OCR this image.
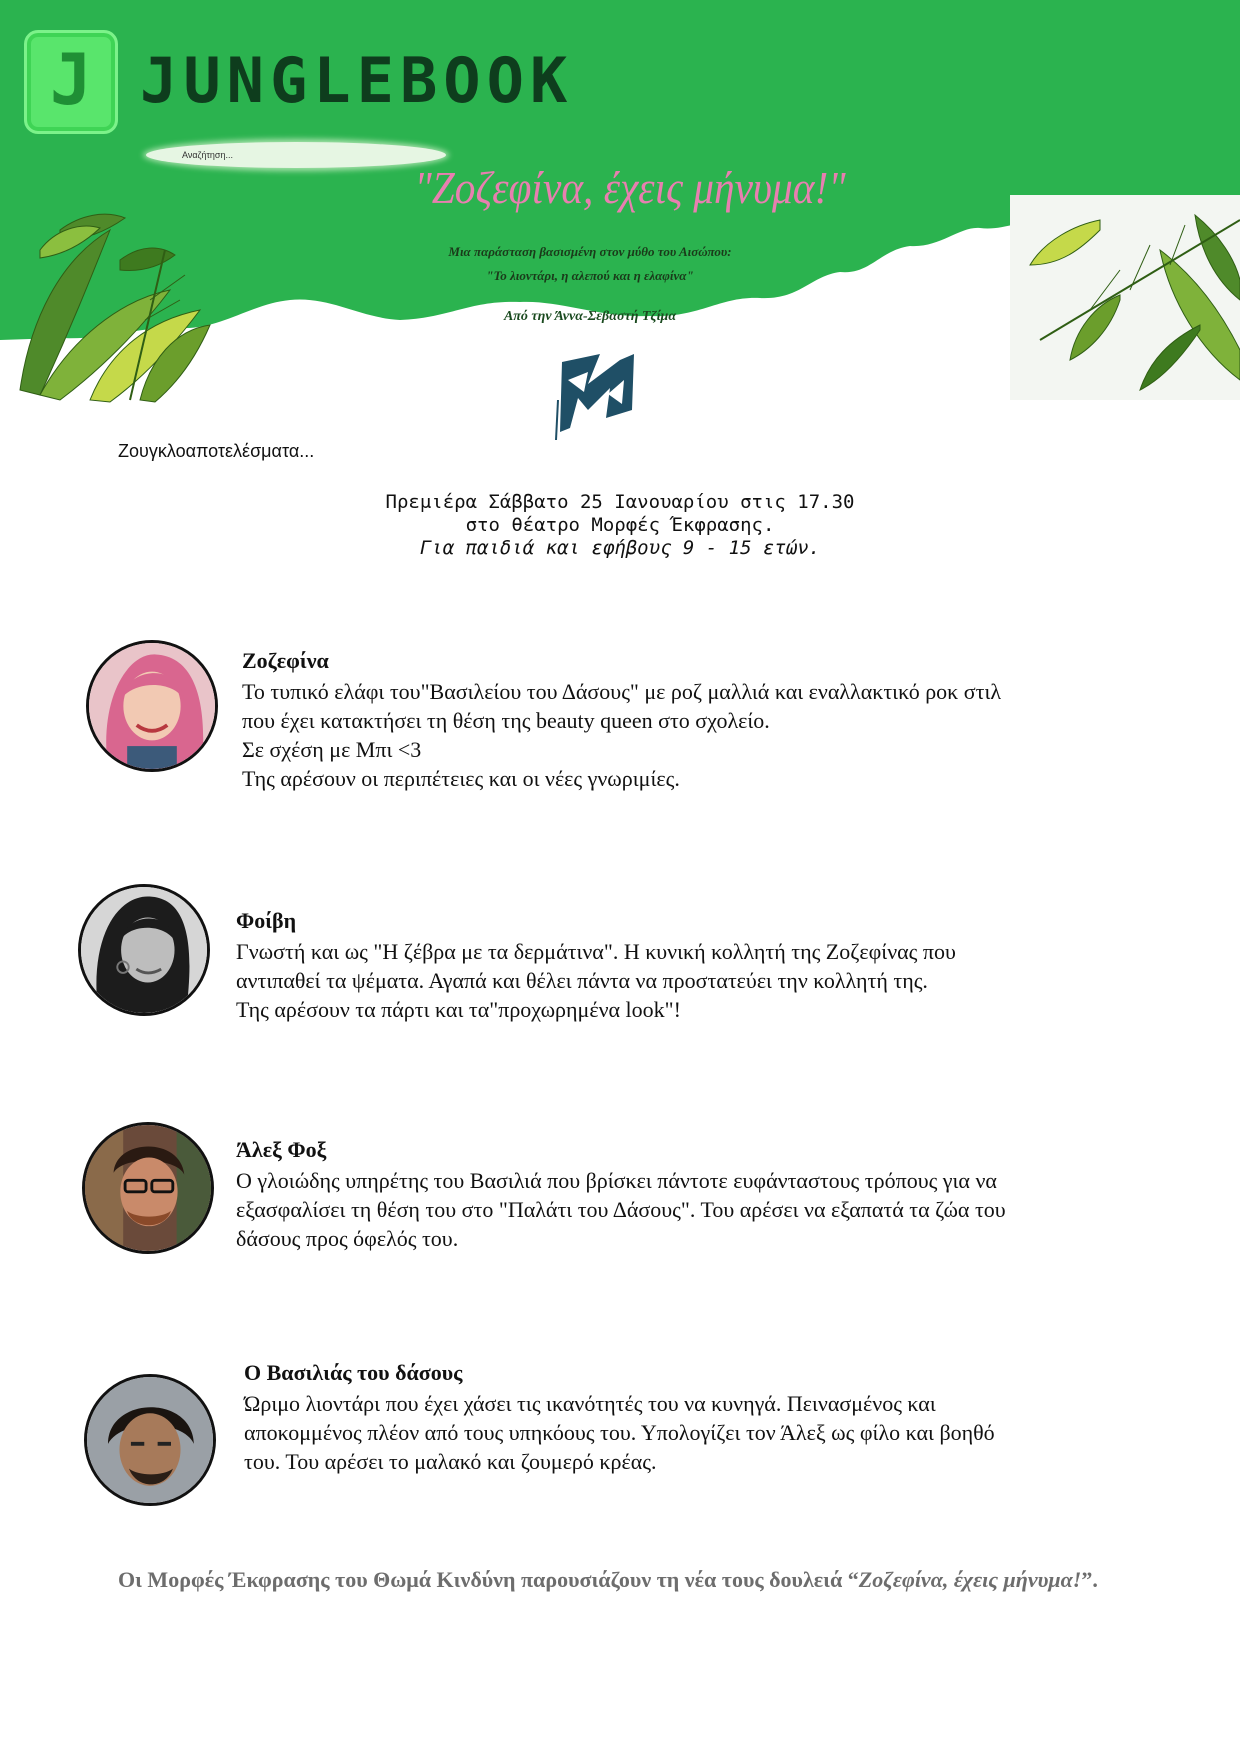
J JUNGLEBOOK
Αναζήτηση...
"Ζοζεφίνα, έχεις μήνυμα!"
Μια παράσταση βασισμένη στον μύθο του Αισώπου:
"Το λιοντάρι, η αλεπού και η ελαφίνα"
Από την Άννα-Σεβαστή Τζίμα
Ζουγκλοαποτελέσματα...
Πρεμιέρα Σάββατο 25 Ιανουαρίου στις 17.30
στο θέατρο Μορφές Έκφρασης.
Για παιδιά και εφήβους 9 - 15 ετών.
Ζοζεφίνα
Το τυπικό ελάφι του"Βασιλείου του Δάσους" με ροζ μαλλιά και εναλλακτικό ροκ στιλ
που έχει κατακτήσει τη θέση της beauty queen στο σχολείο.
Σε σχέση με Μπι <3
Της αρέσουν οι περιπέτειες και οι νέες γνωριμίες.
Φοίβη
Γνωστή και ως "Η ζέβρα με τα δερμάτινα". Η κυνική κολλητή της Ζοζεφίνας που
αντιπαθεί τα ψέματα. Αγαπά και θέλει πάντα να προστατεύει την κολλητή της.
Της αρέσουν τα πάρτι και τα"προχωρημένα look"!
Άλεξ Φοξ
Ο γλοιώδης υπηρέτης του Βασιλιά που βρίσκει πάντοτε ευφάνταστους τρόπους για να
εξασφαλίσει τη θέση του στο "Παλάτι του Δάσους". Του αρέσει να εξαπατά τα ζώα του
δάσους προς όφελός του.
Ο Βασιλιάς του δάσους
Ώριμο λιοντάρι που έχει χάσει τις ικανότητές του να κυνηγά. Πεινασμένος και
αποκομμένος πλέον από τους υπηκόους του. Υπολογίζει τον Άλεξ ως φίλο και βοηθό
του. Του αρέσει το μαλακό και ζουμερό κρέας.
Οι Μορφές Έκφρασης του Θωμά Κινδύνη παρουσιάζουν τη νέα τους δουλειά “Ζοζεφίνα, έχεις μήνυμα!”.
